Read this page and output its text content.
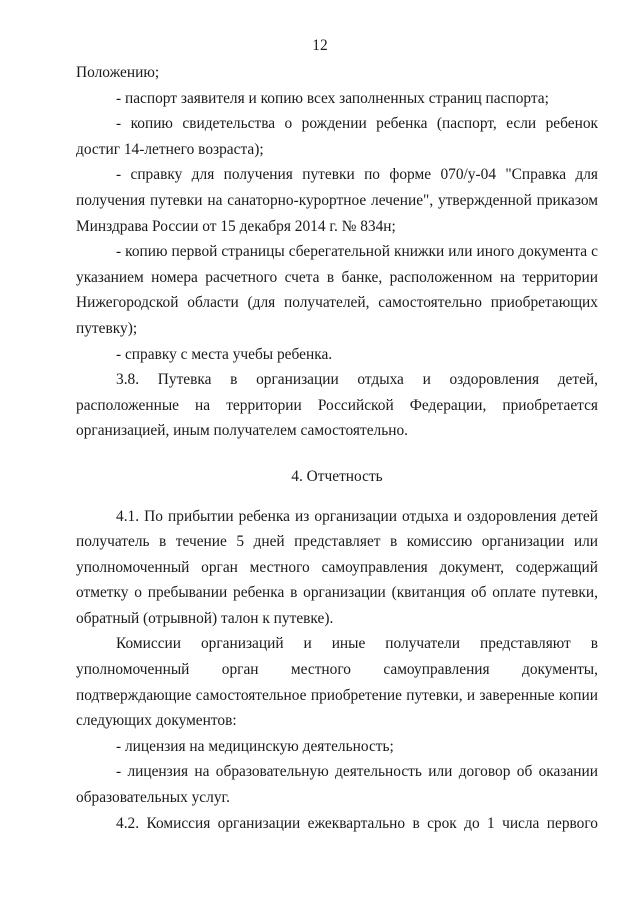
12

Положению;

- паспорт заявителя и копию всех заполненных страниц паспорта;

- копию свидетельства о рождении ребенка (паспорт, если ребенок достиг 14-летнего возраста);

- справку для получения путевки по форме 070/у-04 "Справка для получения путевки на санаторно-курортное лечение", утвержденной приказом Минздрава России от 15 декабря 2014 г. № 834н;

- копию первой страницы сберегательной книжки или иного документа с указанием номера расчетного счета в банке, расположенном на территории Нижегородской области (для получателей, самостоятельно приобретающих путевку);

- справку с места учебы ребенка.

3.8. Путевка в организации отдыха и оздоровления детей, расположенные на территории Российской Федерации, приобретается организацией, иным получателем самостоятельно.

4. Отчетность

4.1. По прибытии ребенка из организации отдыха и оздоровления детей получатель в течение 5 дней представляет в комиссию организации или уполномоченный орган местного самоуправления документ, содержащий отметку о пребывании ребенка в организации (квитанция об оплате путевки, обратный (отрывной) талон к путевке).

Комиссии организаций и иные получатели представляют в уполномоченный орган местного самоуправления документы, подтверждающие самостоятельное приобретение путевки, и заверенные копии следующих документов:

- лицензия на медицинскую деятельность;

- лицензия на образовательную деятельность или договор об оказании образовательных услуг.

4.2. Комиссия организации ежеквартально в срок до 1 числа первого
